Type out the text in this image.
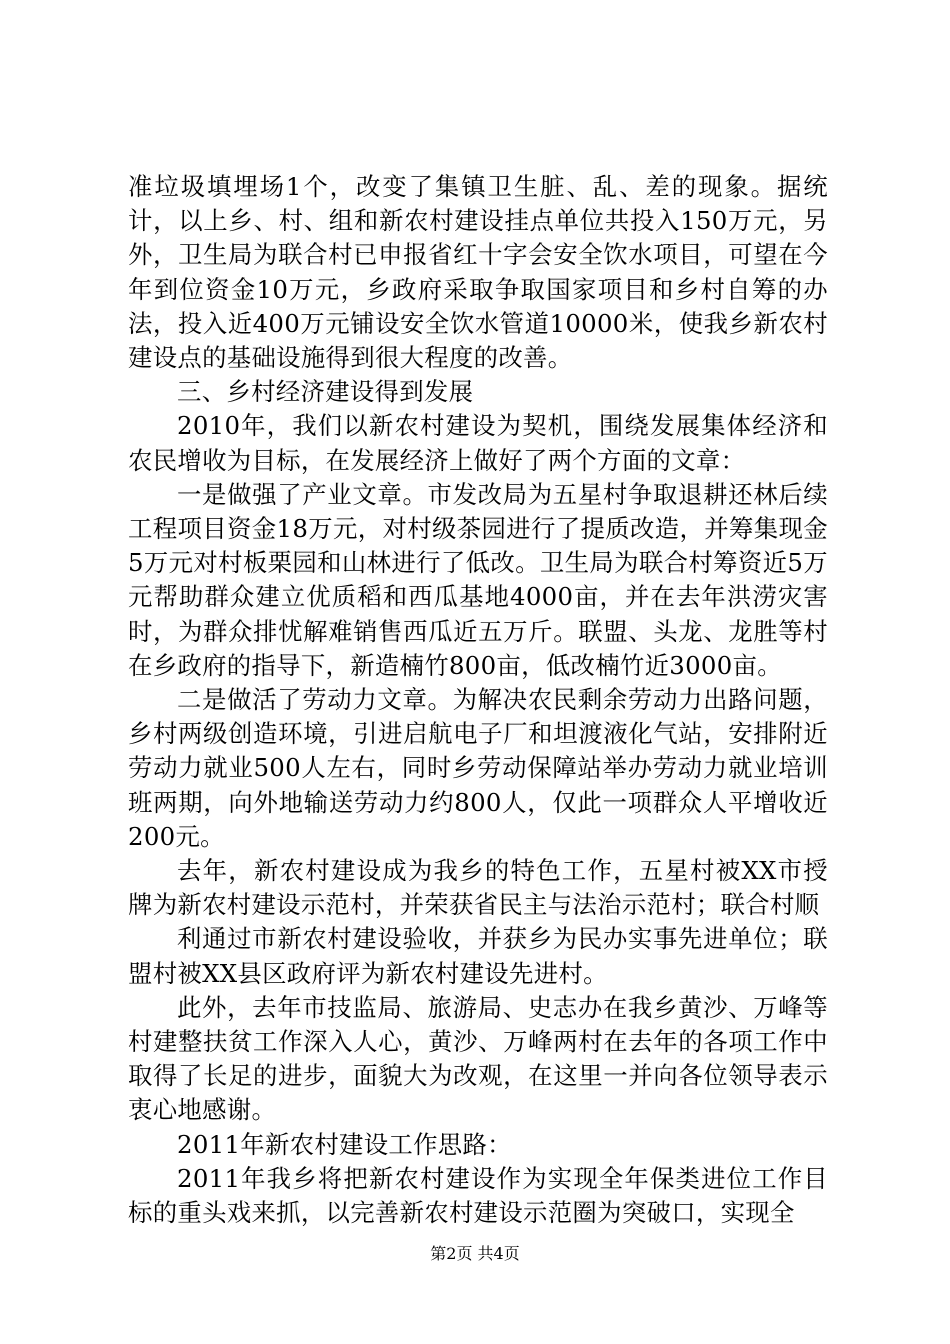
准垃圾填埋场1个，改变了集镇卫生脏、乱、差的现象。据统计，以上乡、村、组和新农村建设挂点单位共投入150万元，另外，卫生局为联合村已申报省红十字会安全饮水项目，可望在今年到位资金10万元，乡政府采取争取国家项目和乡村自筹的办法，投入近400万元铺设安全饮水管道10000米，使我乡新农村建设点的基础设施得到很大程度的改善。

三、乡村经济建设得到发展

2010年，我们以新农村建设为契机，围绕发展集体经济和农民增收为目标，在发展经济上做好了两个方面的文章：

一是做强了产业文章。市发改局为五星村争取退耕还林后续工程项目资金18万元，对村级茶园进行了提质改造，并筹集现金5万元对村板栗园和山林进行了低改。卫生局为联合村筹资近5万元帮助群众建立优质稻和西瓜基地4000亩，并在去年洪涝灾害时，为群众排忧解难销售西瓜近五万斤。联盟、头龙、龙胜等村在乡政府的指导下，新造楠竹800亩，低改楠竹近3000亩。

二是做活了劳动力文章。为解决农民剩余劳动力出路问题，乡村两级创造环境，引进启航电子厂和坦渡液化气站，安排附近劳动力就业500人左右，同时乡劳动保障站举办劳动力就业培训班两期，向外地输送劳动力约800人，仅此一项群众人平增收近200元。

去年，新农村建设成为我乡的特色工作，五星村被XX市授牌为新农村建设示范村，并荣获省民主与法治示范村；联合村顺

利通过市新农村建设验收，并获乡为民办实事先进单位；联盟村被XX县区政府评为新农村建设先进村。

此外，去年市技监局、旅游局、史志办在我乡黄沙、万峰等村建整扶贫工作深入人心，黄沙、万峰两村在去年的各项工作中取得了长足的进步，面貌大为改观，在这里一并向各位领导表示衷心地感谢。

2011年新农村建设工作思路：

2011年我乡将把新农村建设作为实现全年保类进位工作目标的重头戏来抓，以完善新农村建设示范圈为突破口，实现全

第2页 共4页
